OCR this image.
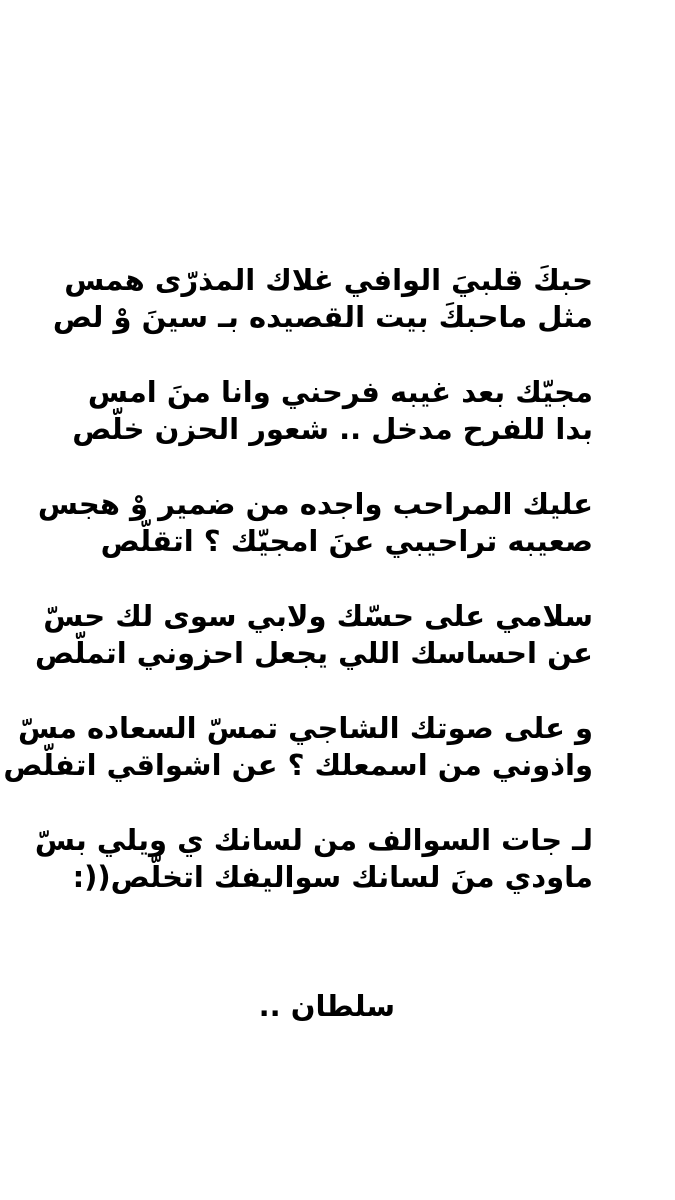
حبكَ قلبيَ الوافي غلاك المذرّى همس
مثل ماحبكَ بيت القصيده بـ سينَ وْ لص
مجيّك بعد غيبه فرحني وانا منَ امس
بدا للفرح مدخل .. شعور الحزن خلّص
عليك المراحب واجده من ضمير وْ هجس
صعيبه تراحيبي عنَ امجيّك ؟ اتقلّص
سلامي على حسّك ولابي سوى لك حسّ
عن احساسك اللي يجعل احزوني اتملّص
و على صوتك الشاجي تمسّ السعاده مسّ
واذوني من اسمعلك ؟ عن اشواقي اتفلّص
لـ جات السوالف من لسانك ي ويلي بسّ
ماودي منَ لسانك سواليفك اتخلّص((:
سلطان ..
